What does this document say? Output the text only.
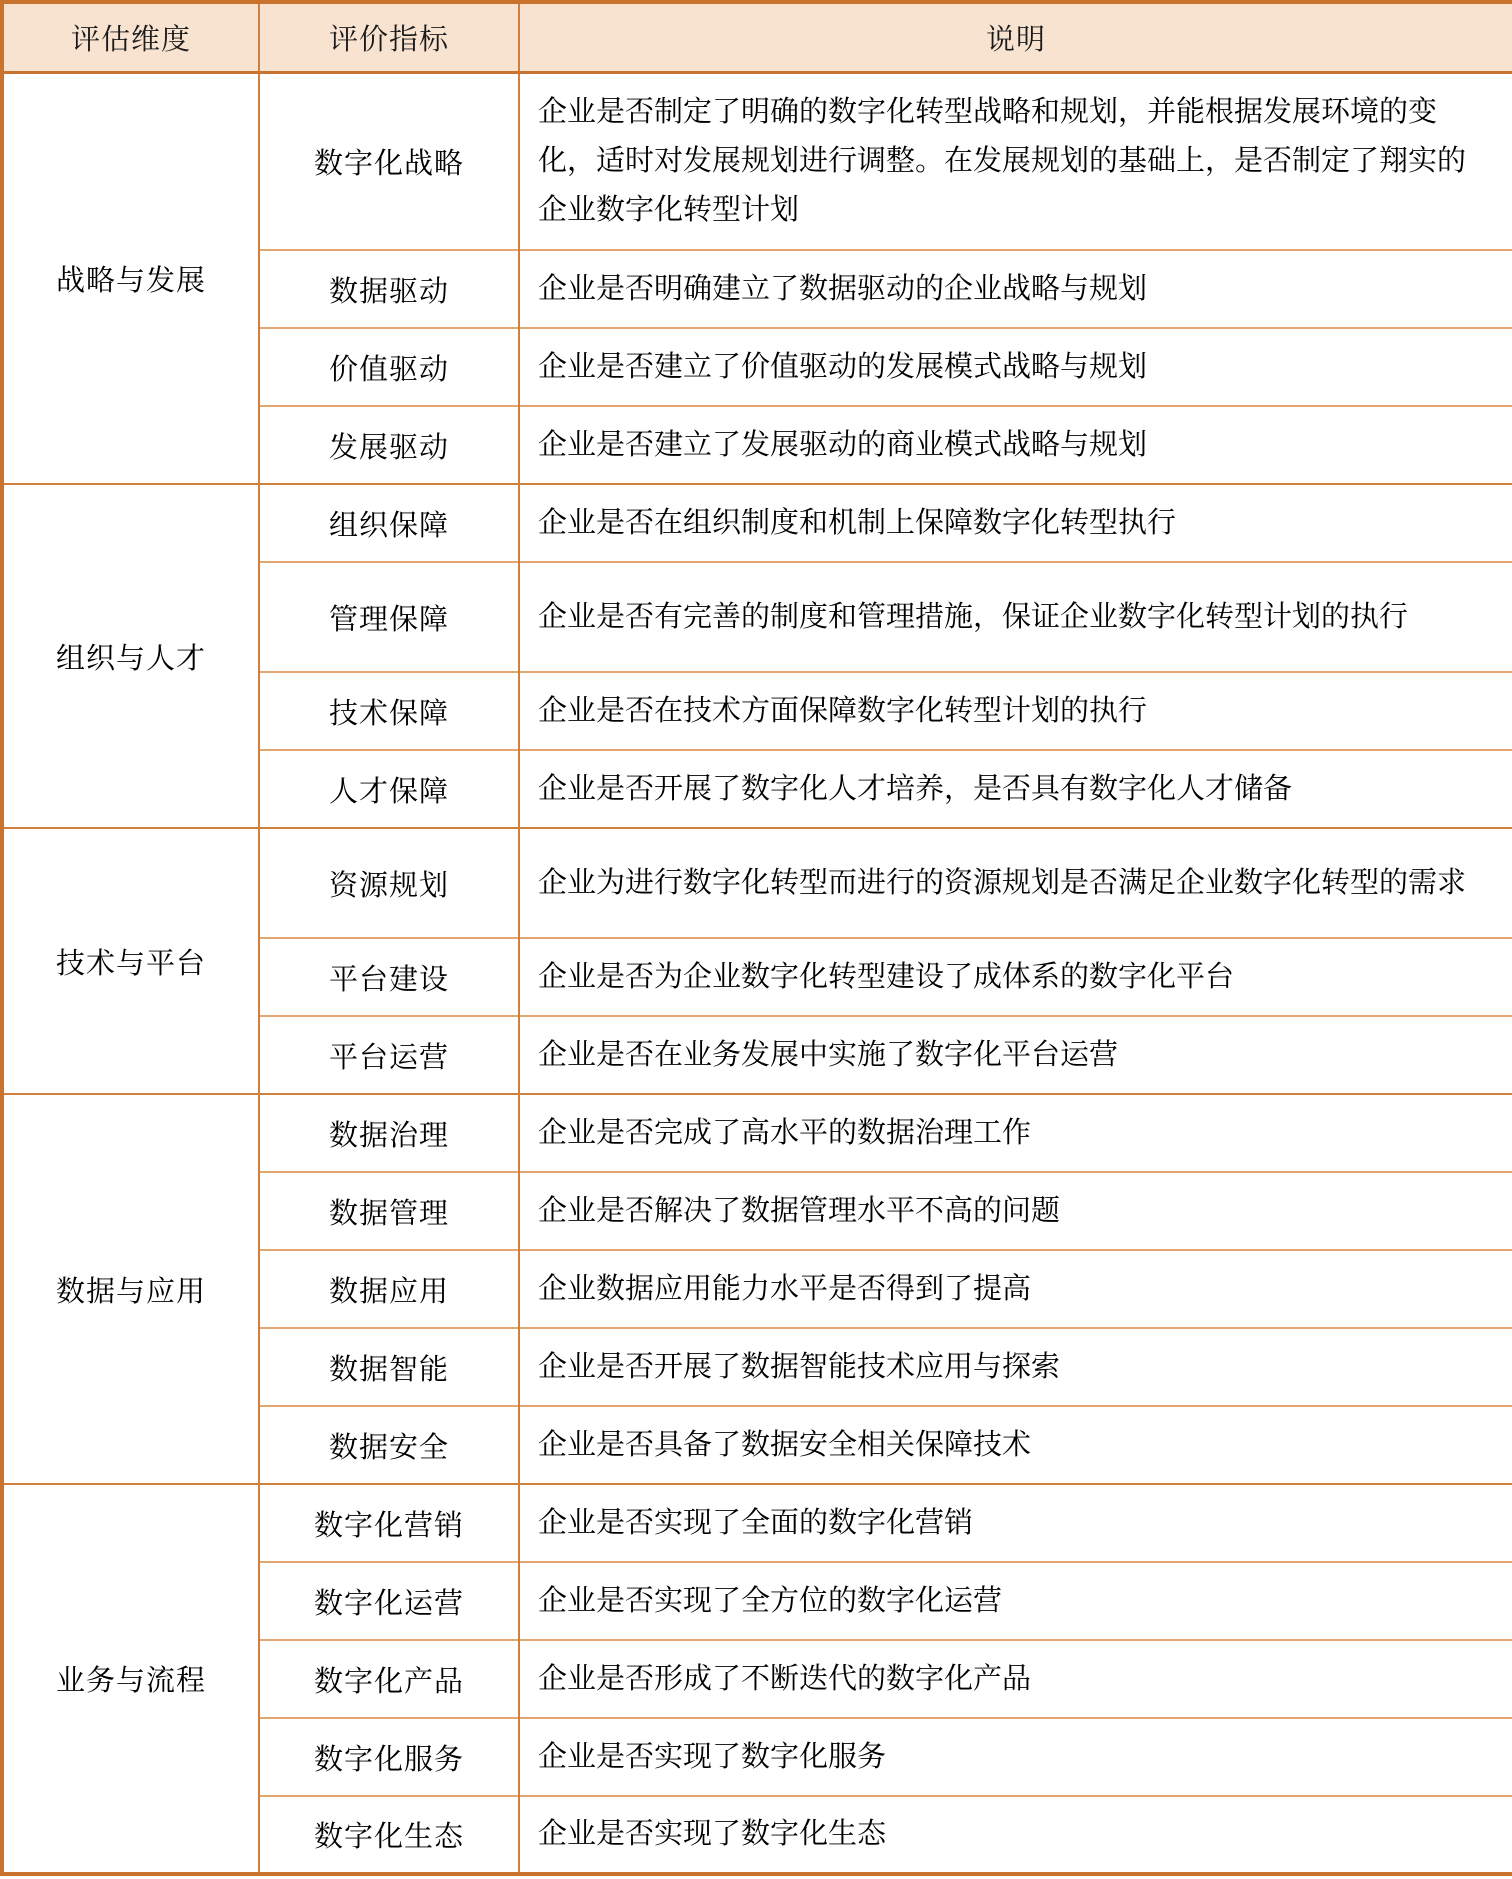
评估维度	评价指标	说明
战略与发展	数字化战略	企业是否制定了明确的数字化转型战略和规划，并能根据发展环境的变化，适时对发展规划进行调整。在发展规划的基础上，是否制定了翔实的企业数字化转型计划
	数据驱动	企业是否明确建立了数据驱动的企业战略与规划
	价值驱动	企业是否建立了价值驱动的发展模式战略与规划
	发展驱动	企业是否建立了发展驱动的商业模式战略与规划
组织与人才	组织保障	企业是否在组织制度和机制上保障数字化转型执行
	管理保障	企业是否有完善的制度和管理措施，保证企业数字化转型计划的执行
	技术保障	企业是否在技术方面保障数字化转型计划的执行
	人才保障	企业是否开展了数字化人才培养，是否具有数字化人才储备
技术与平台	资源规划	企业为进行数字化转型而进行的资源规划是否满足企业数字化转型的需求
	平台建设	企业是否为企业数字化转型建设了成体系的数字化平台
	平台运营	企业是否在业务发展中实施了数字化平台运营
数据与应用	数据治理	企业是否完成了高水平的数据治理工作
	数据管理	企业是否解决了数据管理水平不高的问题
	数据应用	企业数据应用能力水平是否得到了提高
	数据智能	企业是否开展了数据智能技术应用与探索
	数据安全	企业是否具备了数据安全相关保障技术
业务与流程	数字化营销	企业是否实现了全面的数字化营销
	数字化运营	企业是否实现了全方位的数字化运营
	数字化产品	企业是否形成了不断迭代的数字化产品
	数字化服务	企业是否实现了数字化服务
	数字化生态	企业是否实现了数字化生态
